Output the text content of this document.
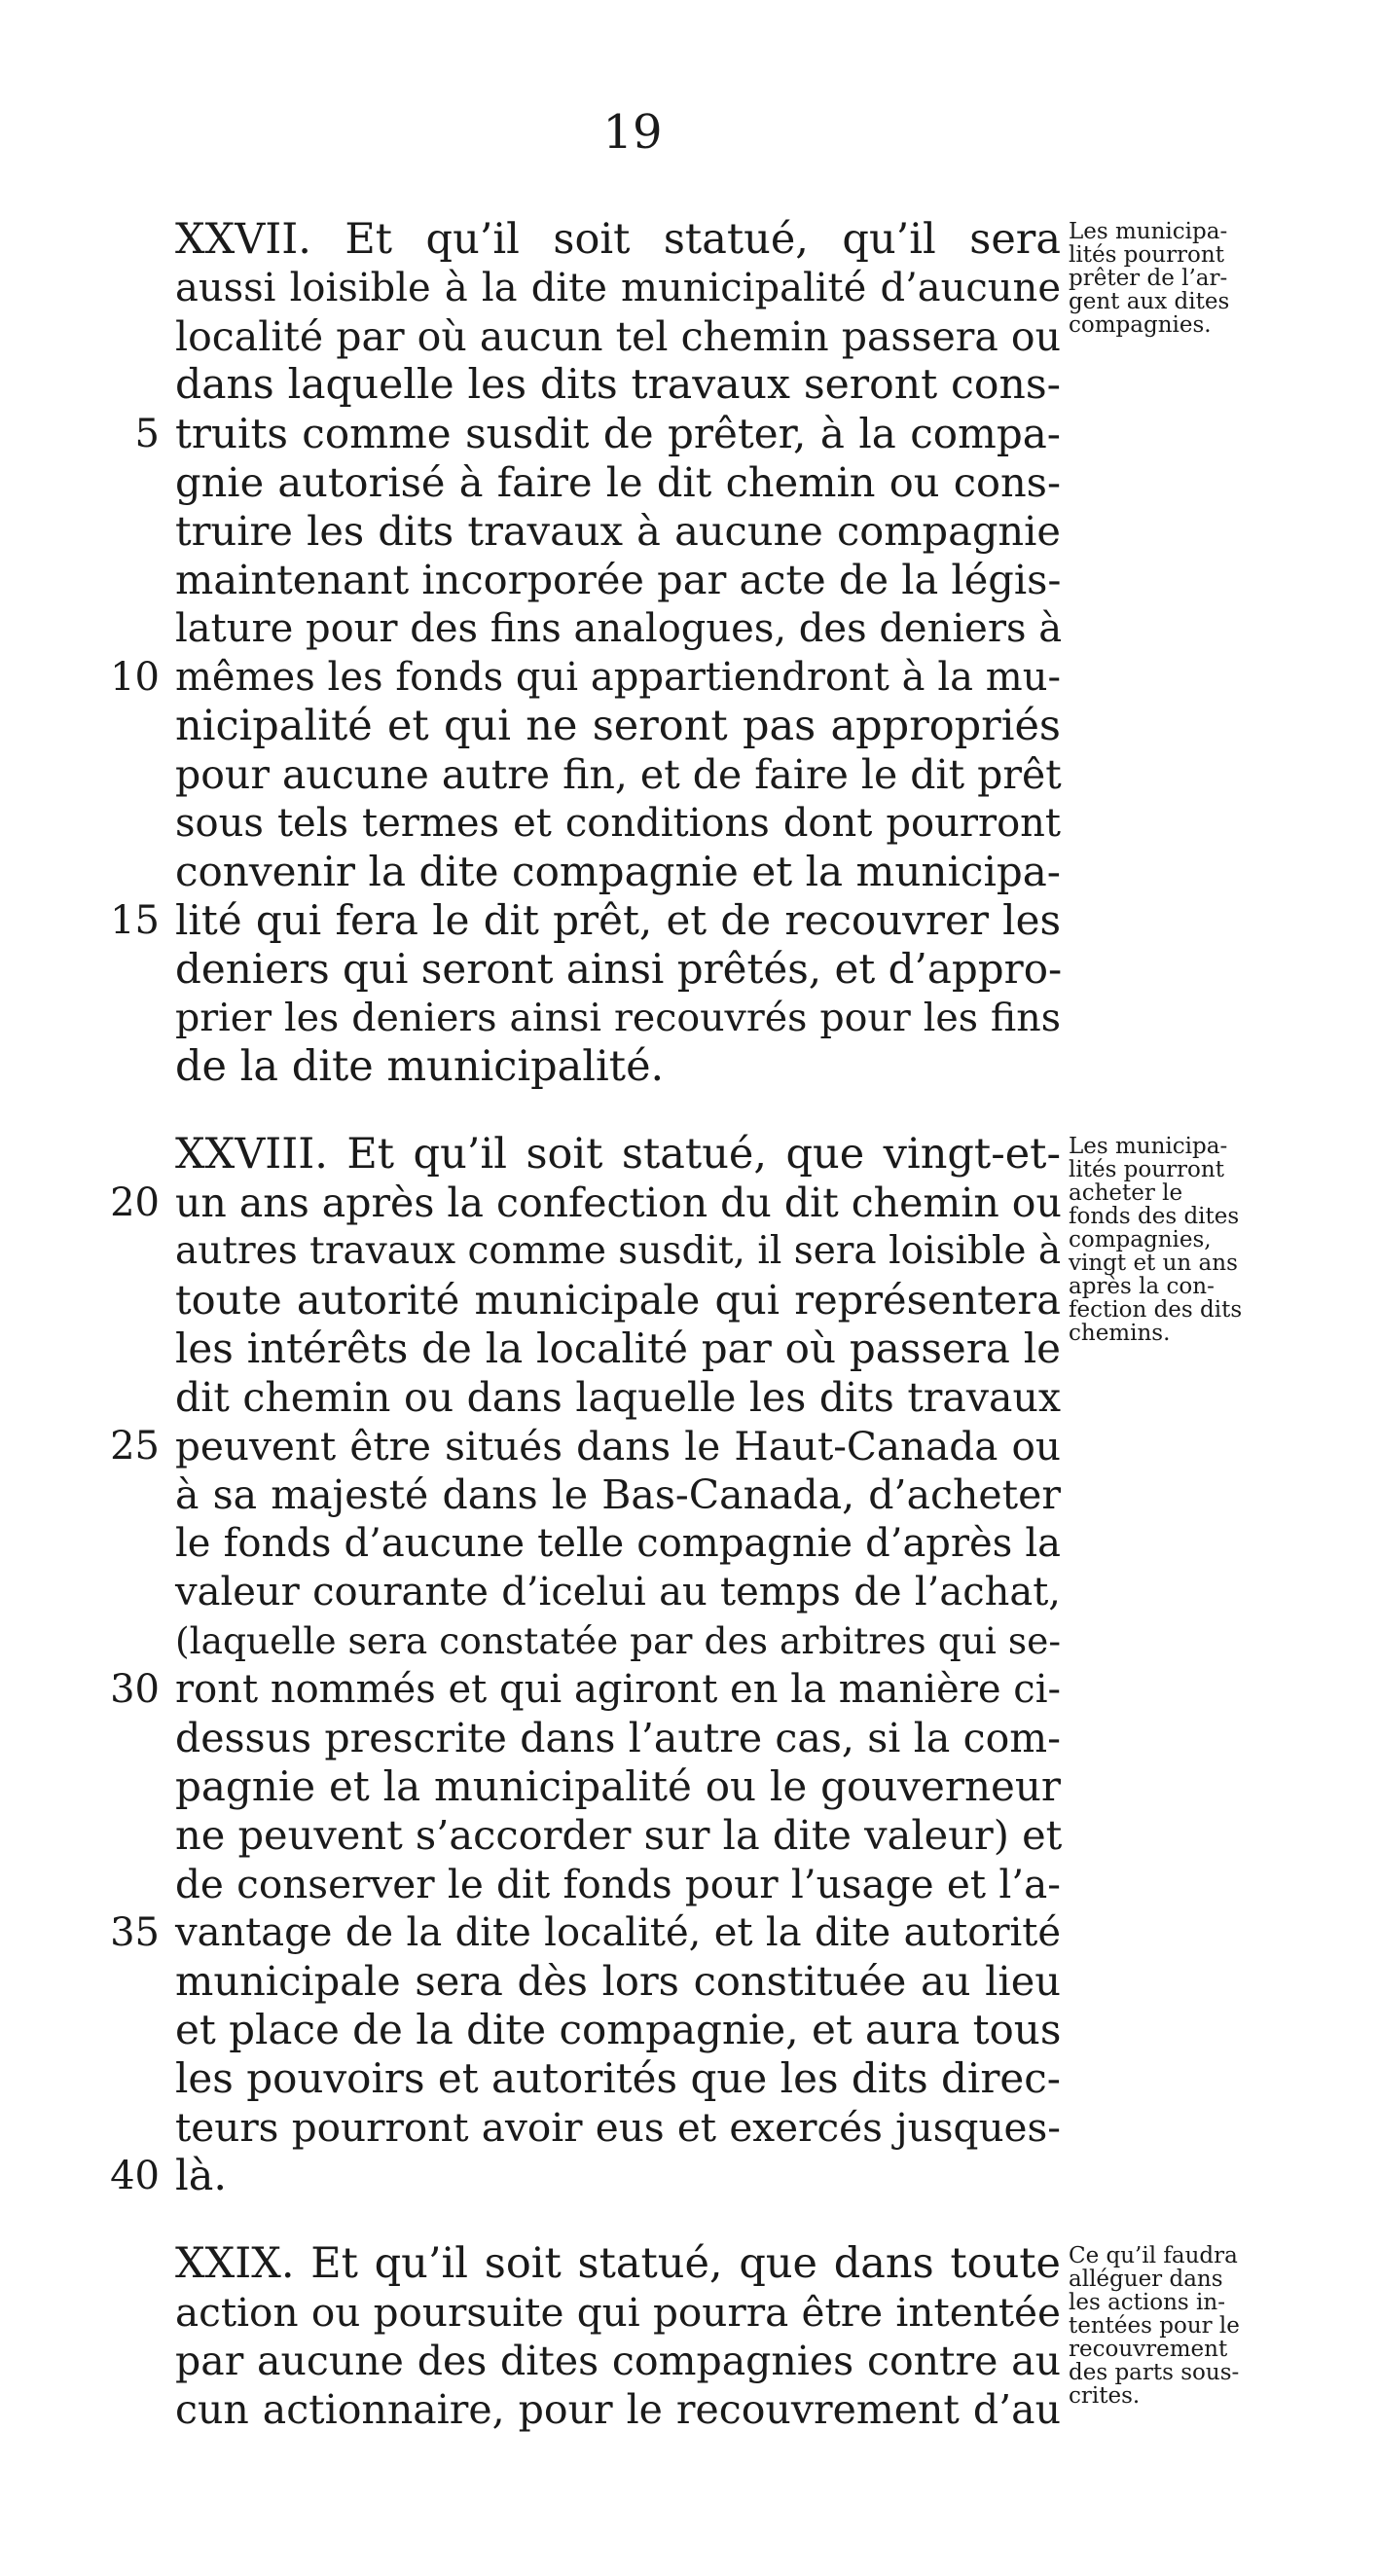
19
XXVII. Et qu’il soit statué, qu’il sera
aussi loisible à la dite municipalité d’aucune
localité par où aucun tel chemin passera ou
dans laquelle les dits travaux seront cons-
truits comme susdit de prêter, à la compa-
gnie autorisé à faire le dit chemin ou cons-
truire les dits travaux à aucune compagnie
maintenant incorporée par acte de la légis-
lature pour des fins analogues, des deniers à
mêmes les fonds qui appartiendront à la mu-
nicipalité et qui ne seront pas appropriés
pour aucune autre fin, et de faire le dit prêt
sous tels termes et conditions dont pourront
convenir la dite compagnie et la municipa-
lité qui fera le dit prêt, et de recouvrer les
deniers qui seront ainsi prêtés, et d’appro-
prier les deniers ainsi recouvrés pour les fins
de la dite municipalité.
Les municipa-
lités pourront
prêter de l’ar-
gent aux dites
compagnies.
XXVIII. Et qu’il soit statué, que vingt-et-
un ans après la confection du dit chemin ou
autres travaux comme susdit, il sera loisible à
toute autorité municipale qui représentera
les intérêts de la localité par où passera le
dit chemin ou dans laquelle les dits travaux
peuvent être situés dans le Haut-Canada ou
à sa majesté dans le Bas-Canada, d’acheter
le fonds d’aucune telle compagnie d’après la
valeur courante d’icelui au temps de l’achat,
(laquelle sera constatée par des arbitres qui se-
ront nommés et qui agiront en la manière ci-
dessus prescrite dans l’autre cas, si la com-
pagnie et la municipalité ou le gouverneur
ne peuvent s’accorder sur la dite valeur) et
de conserver le dit fonds pour l’usage et l’a-
vantage de la dite localité, et la dite autorité
municipale sera dès lors constituée au lieu
et place de la dite compagnie, et aura tous
les pouvoirs et autorités que les dits direc-
teurs pourront avoir eus et exercés jusques-
là.
Les municipa-
lités pourront
acheter le
fonds des dites
compagnies,
vingt et un ans
après la con-
fection des dits
chemins.
XXIX. Et qu’il soit statué, que dans toute
action ou poursuite qui pourra être intentée
par aucune des dites compagnies contre au
cun actionnaire, pour le recouvrement d’au
Ce qu’il faudra
alléguer dans
les actions in-
tentées pour le
recouvrement
des parts sous-
crites.
5
10
15
20
25
30
35
40
